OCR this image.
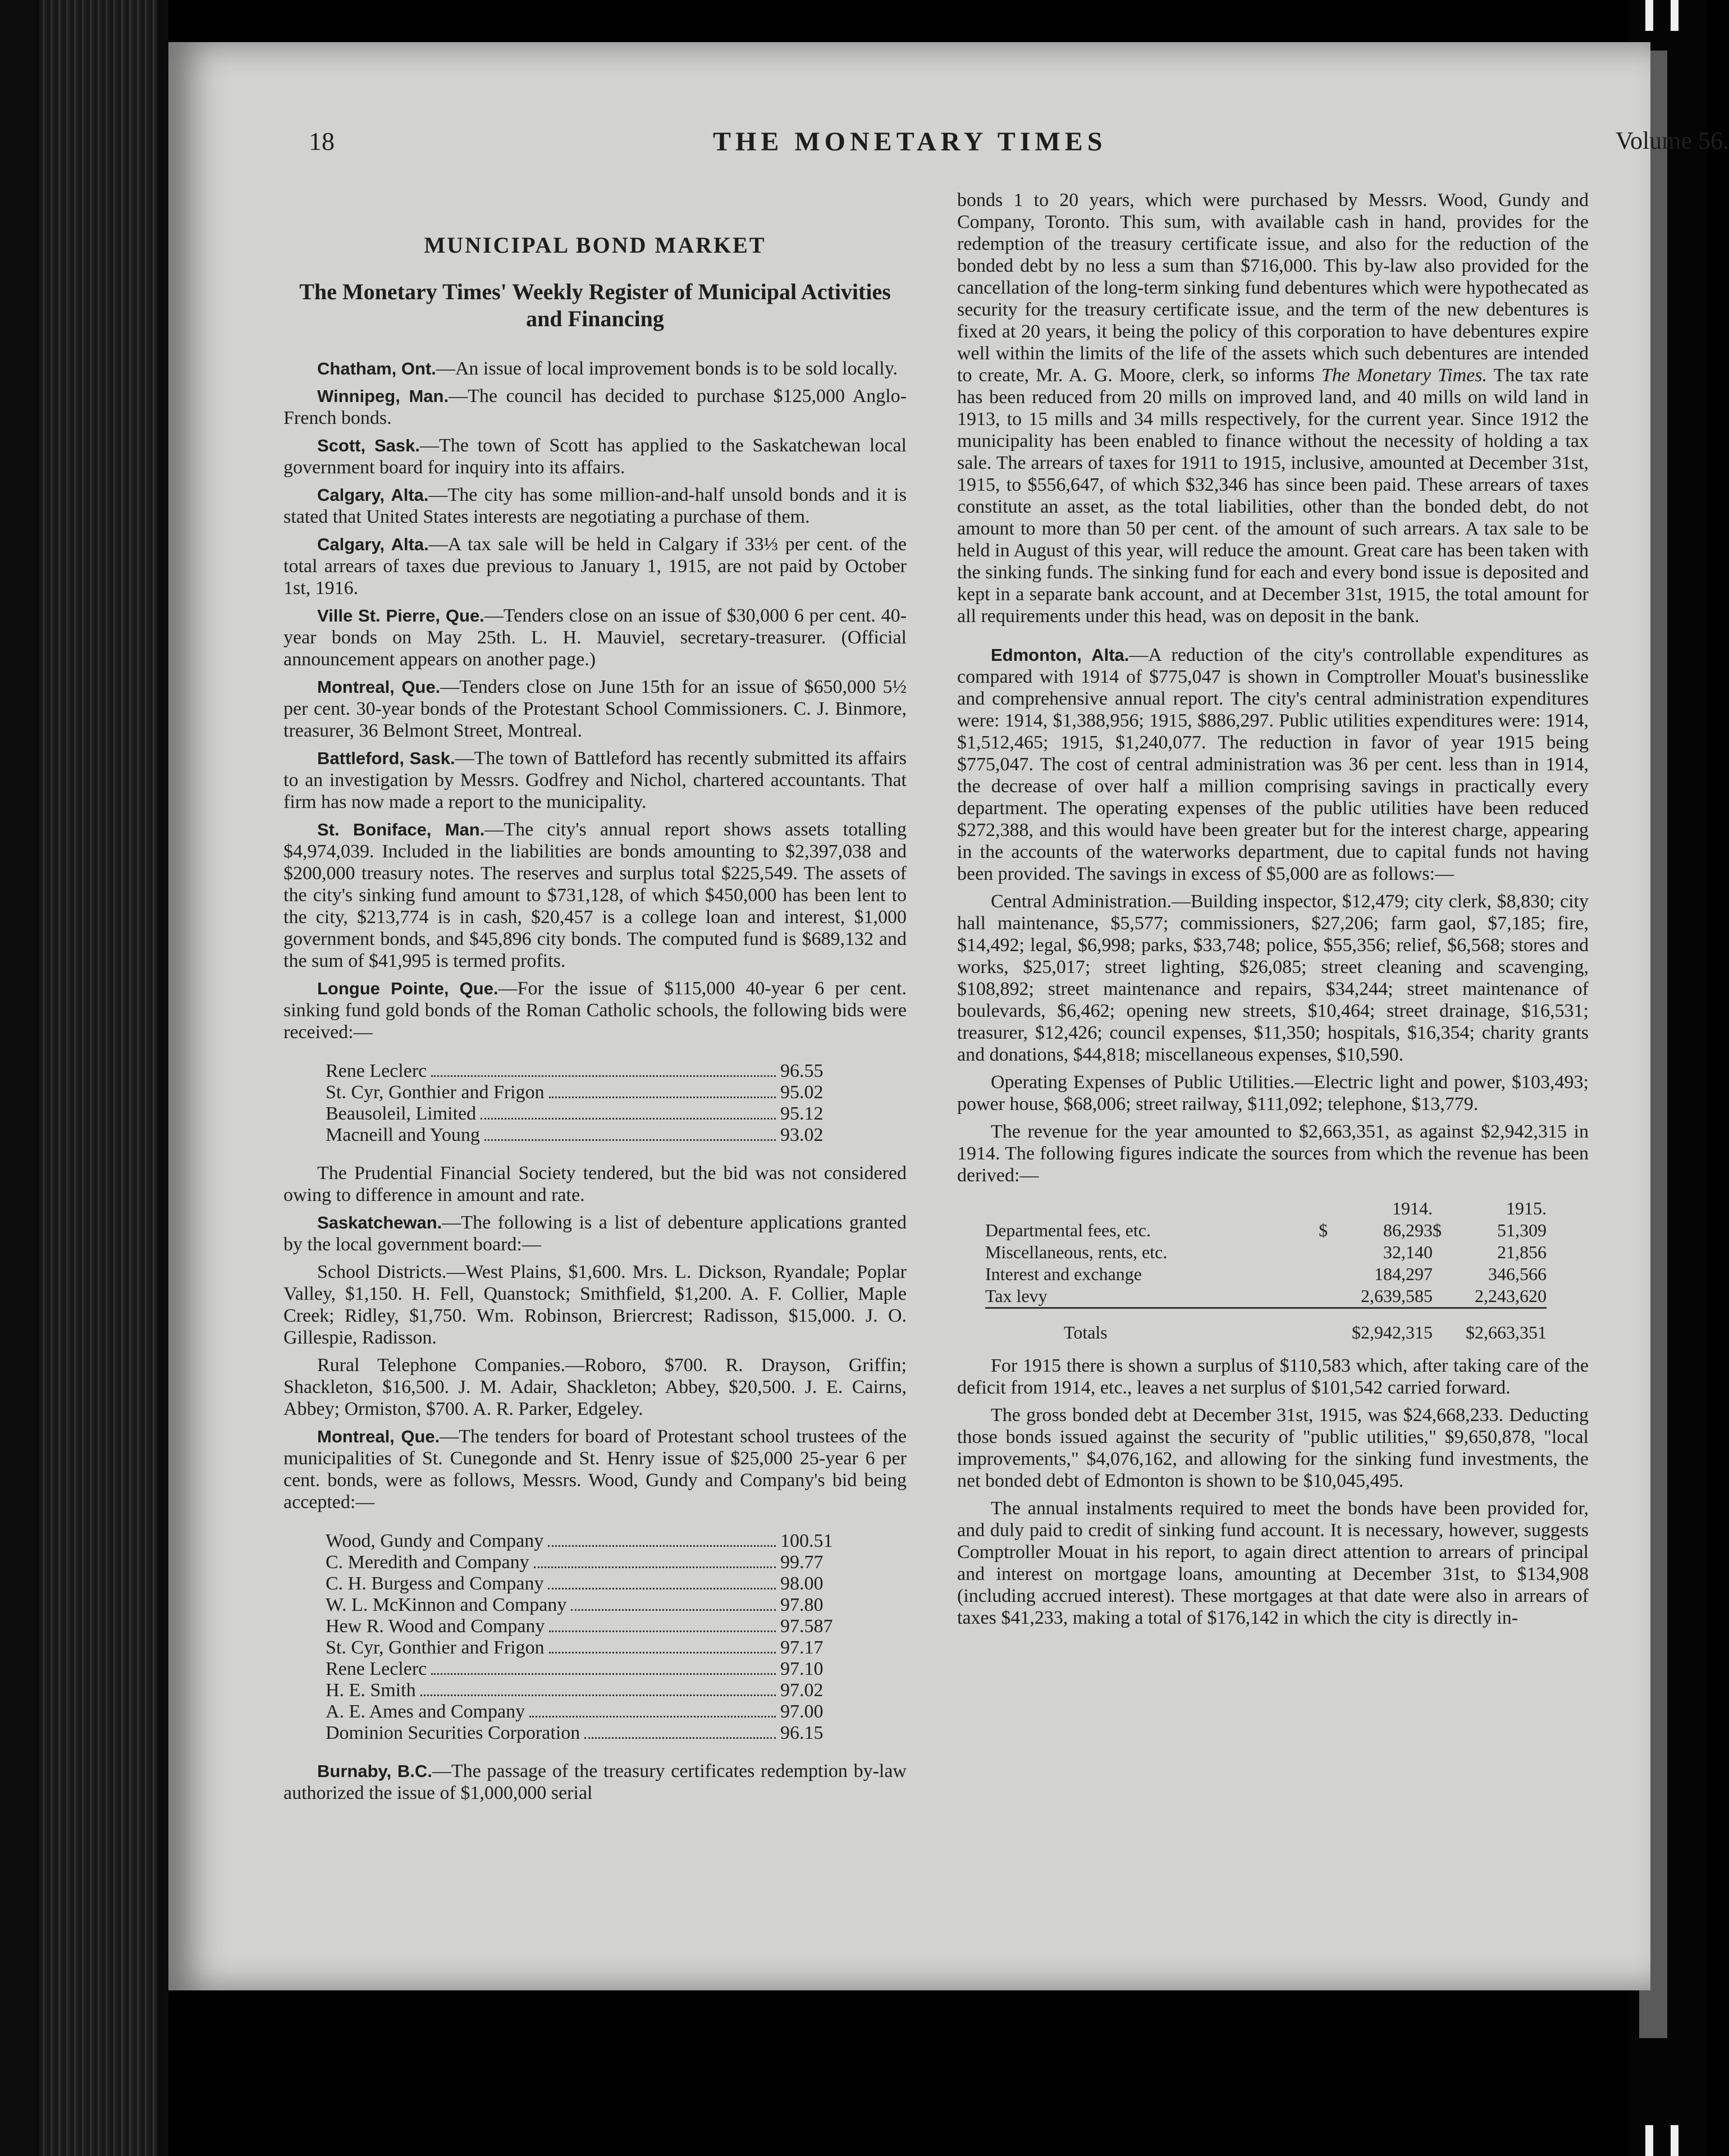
18	THE MONETARY TIMES	Volume 56.
MUNICIPAL BOND MARKET
The Monetary Times' Weekly Register of Municipal Activities and Financing

Chatham, Ont.—An issue of local improvement bonds is to be sold locally.

Winnipeg, Man.—The council has decided to purchase $125,000 Anglo-French bonds.

Scott, Sask.—The town of Scott has applied to the Saskatchewan local government board for inquiry into its affairs.

Calgary, Alta.—The city has some million-and-half unsold bonds and it is stated that United States interests are negotiating a purchase of them.

Calgary, Alta.—A tax sale will be held in Calgary if 33⅓ per cent. of the total arrears of taxes due previous to January 1, 1915, are not paid by October 1st, 1916.

Ville St. Pierre, Que.—Tenders close on an issue of $30,000 6 per cent. 40-year bonds on May 25th. L. H. Mauviel, secretary-treasurer. (Official announcement appears on another page.)

Montreal, Que.—Tenders close on June 15th for an issue of $650,000 5½ per cent. 30-year bonds of the Protestant School Commissioners. C. J. Binmore, treasurer, 36 Belmont Street, Montreal.

Battleford, Sask.—The town of Battleford has recently submitted its affairs to an investigation by Messrs. Godfrey and Nichol, chartered accountants. That firm has now made a report to the municipality.

St. Boniface, Man.—The city's annual report shows assets totalling $4,974,039. Included in the liabilities are bonds amounting to $2,397,038 and $200,000 treasury notes. The reserves and surplus total $225,549. The assets of the city's sinking fund amount to $731,128, of which $450,000 has been lent to the city, $213,774 is in cash, $20,457 is a college loan and interest, $1,000 government bonds, and $45,896 city bonds. The computed fund is $689,132 and the sum of $41,995 is termed profits.

Longue Pointe, Que.—For the issue of $115,000 40-year 6 per cent. sinking fund gold bonds of the Roman Catholic schools, the following bids were received:—

Rene Leclerc	96.55
St. Cyr, Gonthier and Frigon	95.02
Beausoleil, Limited	95.12
Macneill and Young	93.02

The Prudential Financial Society tendered, but the bid was not considered owing to difference in amount and rate.

Saskatchewan.—The following is a list of debenture applications granted by the local government board:—

School Districts.—West Plains, $1,600. Mrs. L. Dickson, Ryandale; Poplar Valley, $1,150. H. Fell, Quanstock; Smithfield, $1,200. A. F. Collier, Maple Creek; Ridley, $1,750. Wm. Robinson, Briercrest; Radisson, $15,000. J. O. Gillespie, Radisson.

Rural Telephone Companies.—Roboro, $700. R. Drayson, Griffin; Shackleton, $16,500. J. M. Adair, Shackleton; Abbey, $20,500. J. E. Cairns, Abbey; Ormiston, $700. A. R. Parker, Edgeley.

Montreal, Que.—The tenders for board of Protestant school trustees of the municipalities of St. Cunegonde and St. Henry issue of $25,000 25-year 6 per cent. bonds, were as follows, Messrs. Wood, Gundy and Company's bid being accepted:—

Wood, Gundy and Company	100.51
C. Meredith and Company	99.77
C. H. Burgess and Company	98.00
W. L. McKinnon and Company	97.80
Hew R. Wood and Company	97.587
St. Cyr, Gonthier and Frigon	97.17
Rene Leclerc	97.10
H. E. Smith	97.02
A. E. Ames and Company	97.00
Dominion Securities Corporation	96.15

Burnaby, B.C.—The passage of the treasury certificates redemption by-law authorized the issue of $1,000,000 serial

bonds 1 to 20 years, which were purchased by Messrs. Wood, Gundy and Company, Toronto. This sum, with available cash in hand, provides for the redemption of the treasury certificate issue, and also for the reduction of the bonded debt by no less a sum than $716,000. This by-law also provided for the cancellation of the long-term sinking fund debentures which were hypothecated as security for the treasury certificate issue, and the term of the new debentures is fixed at 20 years, it being the policy of this corporation to have debentures expire well within the limits of the life of the assets which such debentures are intended to create, Mr. A. G. Moore, clerk, so informs The Monetary Times. The tax rate has been reduced from 20 mills on improved land, and 40 mills on wild land in 1913, to 15 mills and 34 mills respectively, for the current year. Since 1912 the municipality has been enabled to finance without the necessity of holding a tax sale. The arrears of taxes for 1911 to 1915, inclusive, amounted at December 31st, 1915, to $556,647, of which $32,346 has since been paid. These arrears of taxes constitute an asset, as the total liabilities, other than the bonded debt, do not amount to more than 50 per cent. of the amount of such arrears. A tax sale to be held in August of this year, will reduce the amount. Great care has been taken with the sinking funds. The sinking fund for each and every bond issue is deposited and kept in a separate bank account, and at December 31st, 1915, the total amount for all requirements under this head, was on deposit in the bank.

Edmonton, Alta.—A reduction of the city's controllable expenditures as compared with 1914 of $775,047 is shown in Comptroller Mouat's businesslike and comprehensive annual report. The city's central administration expenditures were: 1914, $1,388,956; 1915, $886,297. Public utilities expenditures were: 1914, $1,512,465; 1915, $1,240,077. The reduction in favor of year 1915 being $775,047. The cost of central administration was 36 per cent. less than in 1914, the decrease of over half a million comprising savings in practically every department. The operating expenses of the public utilities have been reduced $272,388, and this would have been greater but for the interest charge, appearing in the accounts of the waterworks department, due to capital funds not having been provided. The savings in excess of $5,000 are as follows:—

Central Administration.—Building inspector, $12,479; city clerk, $8,830; city hall maintenance, $5,577; commissioners, $27,206; farm gaol, $7,185; fire, $14,492; legal, $6,998; parks, $33,748; police, $55,356; relief, $6,568; stores and works, $25,017; street lighting, $26,085; street cleaning and scavenging, $108,892; street maintenance and repairs, $34,244; street maintenance of boulevards, $6,462; opening new streets, $10,464; street drainage, $16,531; treasurer, $12,426; council expenses, $11,350; hospitals, $16,354; charity grants and donations, $44,818; miscellaneous expenses, $10,590.

Operating Expenses of Public Utilities.—Electric light and power, $103,493; power house, $68,006; street railway, $111,092; telephone, $13,779.

The revenue for the year amounted to $2,663,351, as against $2,942,315 in 1914. The following figures indicate the sources from which the revenue has been derived:—

		1914.		1915.
Departmental fees, etc.	$	86,293	$	51,309
Miscellaneous, rents, etc.		32,140		21,856
Interest and exchange		184,297		346,566
Tax levy		2,639,585		2,243,620
Totals		$2,942,315		$2,663,351

For 1915 there is shown a surplus of $110,583 which, after taking care of the deficit from 1914, etc., leaves a net surplus of $101,542 carried forward.

The gross bonded debt at December 31st, 1915, was $24,668,233. Deducting those bonds issued against the security of "public utilities," $9,650,878, "local improvements," $4,076,162, and allowing for the sinking fund investments, the net bonded debt of Edmonton is shown to be $10,045,495.

The annual instalments required to meet the bonds have been provided for, and duly paid to credit of sinking fund account. It is necessary, however, suggests Comptroller Mouat in his report, to again direct attention to arrears of principal and interest on mortgage loans, amounting at December 31st, to $134,908 (including accrued interest). These mortgages at that date were also in arrears of taxes $41,233, making a total of $176,142 in which the city is directly in-
